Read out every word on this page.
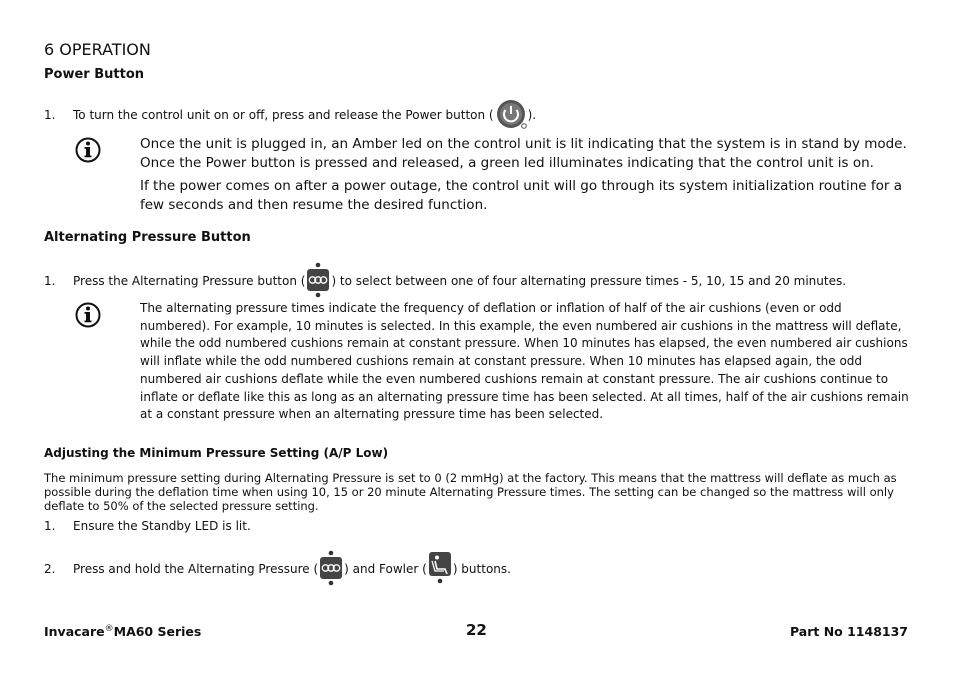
6 OPERATION
Power Button
1. To turn the control unit on or off, press and release the Power button (	).

Once the unit is plugged in, an Amber led on the control unit is lit indicating that the system is in stand by mode. Once the Power button is pressed and released, a green led illuminates indicating that the control unit is on.

If the power comes on after a power outage, the control unit will go through its system initialization routine for a few seconds and then resume the desired function.

Alternating Pressure Button
1. Press the Alternating Pressure button ( ) to select between one of four alternating pressure times - 5, 10, 15 and 20 minutes.

The alternating pressure times indicate the frequency of deflation or inflation of half of the air cushions (even or odd numbered). For example, 10 minutes is selected. In this example, the even numbered air cushions in the mattress will deflate, while the odd numbered cushions remain at constant pressure. When 10 minutes has elapsed, the even numbered air cushions will inflate while the odd numbered cushions remain at constant pressure. When 10 minutes has elapsed again, the odd numbered air cushions deflate while the even numbered cushions remain at constant pressure. The air cushions continue to inflate or deflate like this as long as an alternating pressure time has been selected. At all times, half of the air cushions remain at a constant pressure when an alternating pressure time has been selected.

Adjusting the Minimum Pressure Setting (A/P Low)
The minimum pressure setting during Alternating Pressure is set to 0 (2 mmHg) at the factory. This means that the mattress will deflate as much as possible during the deflation time when using 10, 15 or 20 minute Alternating Pressure times. The setting can be changed so the mattress will only deflate to 50% of the selected pressure setting.
1. Ensure the Standby LED is lit.
2. Press and hold the Alternating Pressure ( ) and Fowler ( ) buttons.
Invacare®MA60 Series	22	Part No 1148137
